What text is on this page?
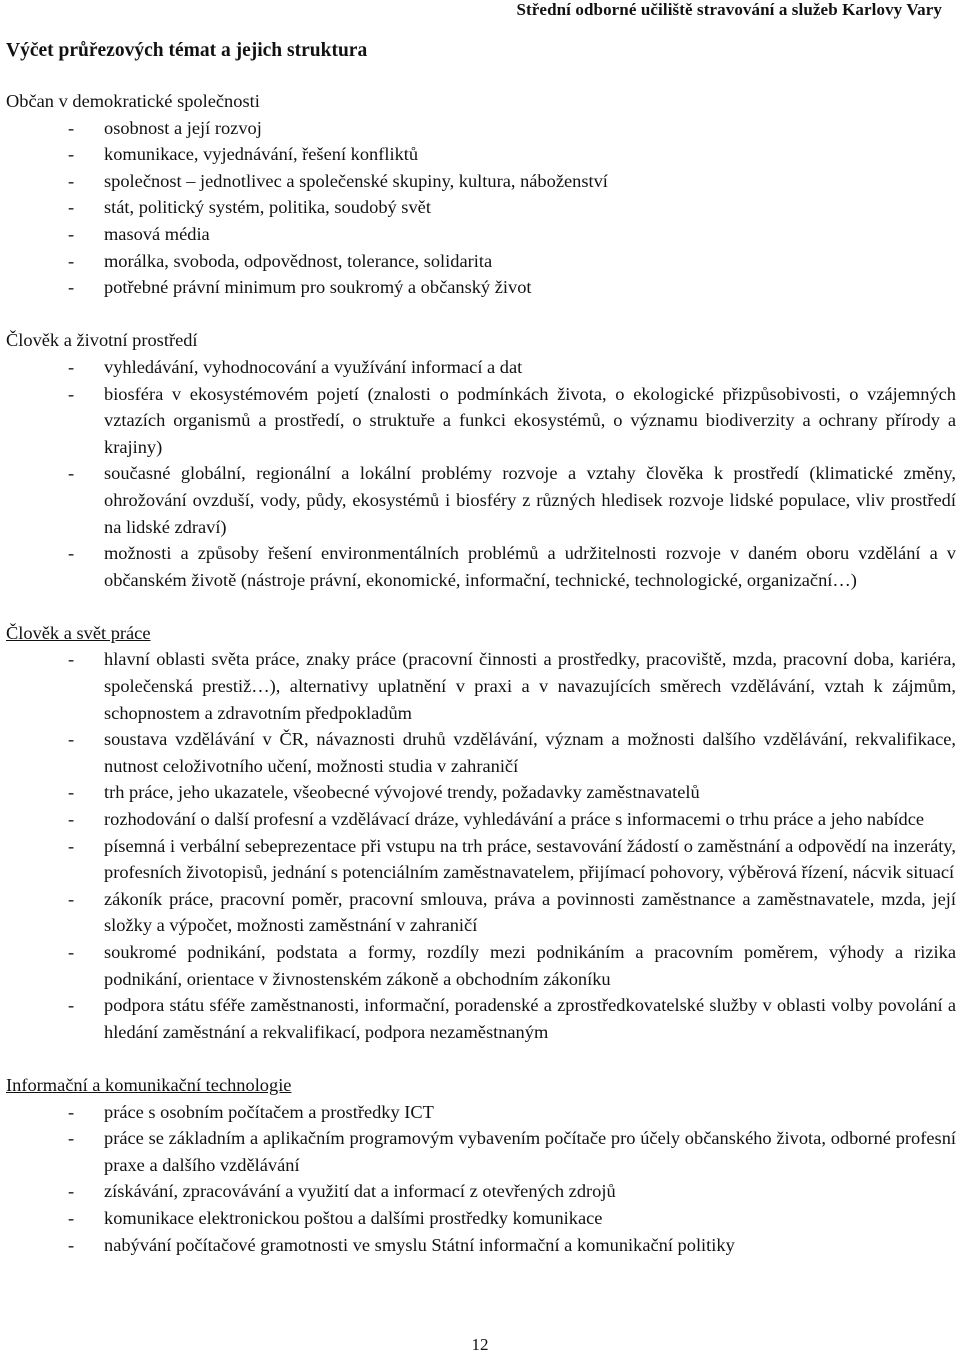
Střední odborné učiliště stravování a služeb Karlovy Vary
Výčet průřezových témat a jejich struktura
Občan v demokratické společnosti
- osobnost a její rozvoj
- komunikace, vyjednávání, řešení konfliktů
- společnost – jednotlivec a společenské skupiny, kultura, náboženství
- stát, politický systém, politika, soudobý svět
- masová média
- morálka, svoboda, odpovědnost, tolerance, solidarita
- potřebné právní minimum pro soukromý a občanský život
Člověk a životní prostředí
- vyhledávání, vyhodnocování a využívání informací a dat
- biosféra v ekosystémovém pojetí (znalosti o podmínkách života, o ekologické přizpůsobivosti, o vzájemných vztazích organismů a prostředí, o struktuře a funkci ekosystémů, o významu biodiverzity a ochrany přírody a krajiny)
- současné globální, regionální a lokální problémy rozvoje a vztahy člověka k prostředí (klimatické změny, ohrožování ovzduší, vody, půdy, ekosystémů i biosféry z různých hledisek rozvoje lidské populace, vliv prostředí na lidské zdraví)
- možnosti a způsoby řešení environmentálních problémů a udržitelnosti rozvoje v daném oboru vzdělání a v občanském životě (nástroje právní, ekonomické, informační, technické, technologické, organizační…)
Člověk a svět práce
- hlavní oblasti světa práce, znaky práce (pracovní činnosti a prostředky, pracoviště, mzda, pracovní doba, kariéra, společenská prestiž…), alternativy uplatnění v praxi a v navazujících směrech vzdělávání, vztah k zájmům, schopnostem a zdravotním předpokladům
- soustava vzdělávání v ČR, návaznosti druhů vzdělávání, význam a možnosti dalšího vzdělávání, rekvalifikace, nutnost celoživotního učení, možnosti studia v zahraničí
- trh práce, jeho ukazatele, všeobecné vývojové trendy, požadavky zaměstnavatelů
- rozhodování o další profesní a vzdělávací dráze, vyhledávání a práce s informacemi o trhu práce a jeho nabídce
- písemná i verbální sebeprezentace při vstupu na trh práce, sestavování žádostí o zaměstnání a odpovědí na inzeráty, profesních životopisů, jednání s potenciálním zaměstnavatelem, přijímací pohovory, výběrová řízení, nácvik situací
- zákoník práce, pracovní poměr, pracovní smlouva, práva a povinnosti zaměstnance a zaměstnavatele, mzda, její složky a výpočet, možnosti zaměstnání v zahraničí
- soukromé podnikání, podstata a formy, rozdíly mezi podnikáním a pracovním poměrem, výhody a rizika podnikání, orientace v živnostenském zákoně a obchodním zákoníku
- podpora státu sféře zaměstnanosti, informační, poradenské a zprostředkovatelské služby v oblasti volby povolání a hledání zaměstnání a rekvalifikací, podpora nezaměstnaným
Informační a komunikační technologie
- práce s osobním počítačem a prostředky ICT
- práce se základním a aplikačním programovým vybavením počítače pro účely občanského života, odborné profesní praxe a dalšího vzdělávání
- získávání, zpracovávání a využití dat a informací z otevřených zdrojů
- komunikace elektronickou poštou a dalšími prostředky komunikace
- nabývání počítačové gramotnosti ve smyslu Státní informační a komunikační politiky
12
